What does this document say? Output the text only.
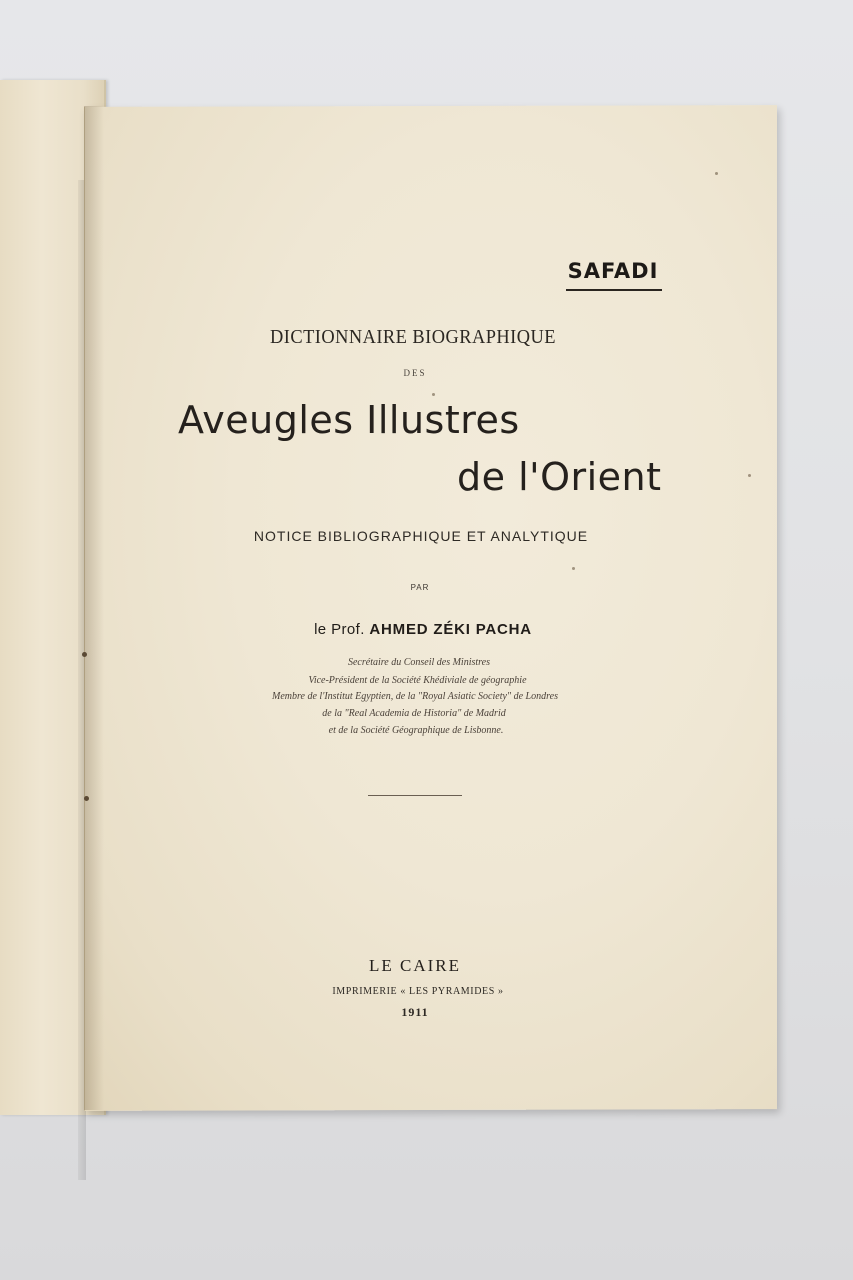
SAFADI
DICTIONNAIRE BIOGRAPHIQUE
DES
Aveugles Illustres
de l'Orient
NOTICE BIBLIOGRAPHIQUE ET ANALYTIQUE
PAR
le Prof. AHMED ZÉKI PACHA
Secrétaire du Conseil des Ministres
Vice-Président de la Société Khédiviale de géographie
Membre de l'Institut Egyptien, de la "Royal Asiatic Society" de Londres
de la "Real Academia de Historia" de Madrid
et de la Société Géographique de Lisbonne.
LE CAIRE
IMPRIMERIE « LES PYRAMIDES »
1911
